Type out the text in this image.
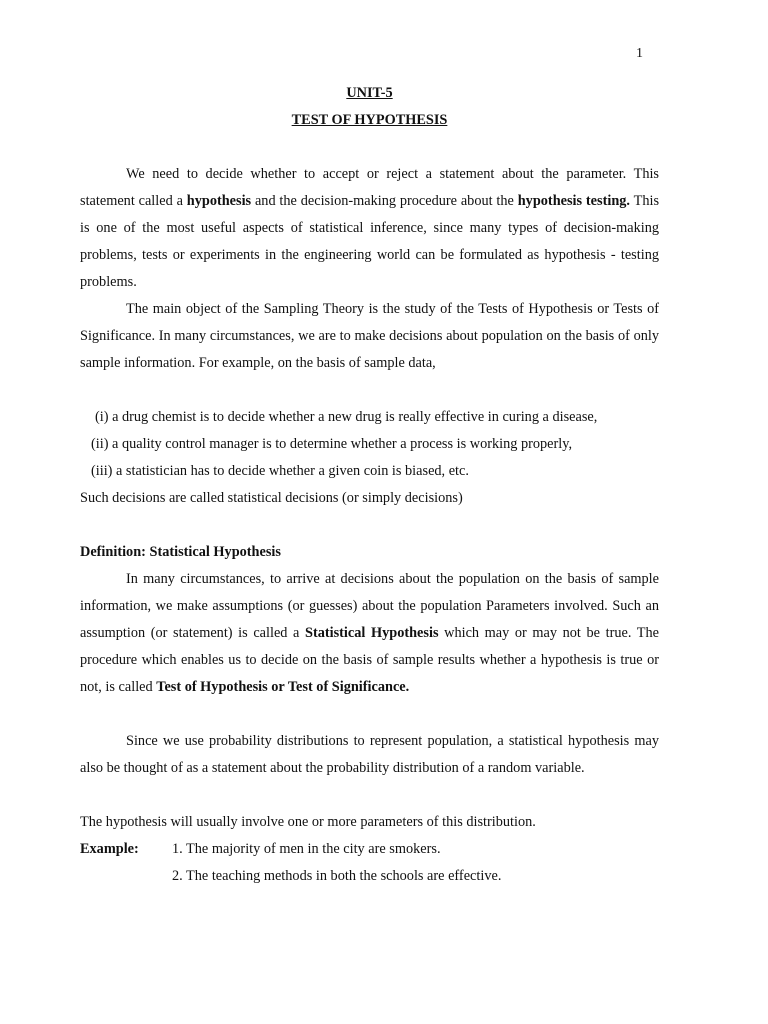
1
UNIT-5
TEST OF HYPOTHESIS

We need to decide whether to accept or reject a statement about the parameter. This statement called a hypothesis and the decision-making procedure about the hypothesis testing. This is one of the most useful aspects of statistical inference, since many types of decision-making problems, tests or experiments in the engineering world can be formulated as hypothesis - testing problems.

The main object of the Sampling Theory is the study of the Tests of Hypothesis or Tests of Significance. In many circumstances, we are to make decisions about population on the basis of only sample information. For example, on the basis of sample data,

(i) a drug chemist is to decide whether a new drug is really effective in curing a disease,
(ii) a quality control manager is to determine whether a process is working properly,
(iii) a statistician has to decide whether a given coin is biased, etc.
Such decisions are called statistical decisions (or simply decisions)
Definition: Statistical Hypothesis

In many circumstances, to arrive at decisions about the population on the basis of sample information, we make assumptions (or guesses) about the population Parameters involved. Such an assumption (or statement) is called a Statistical Hypothesis which may or may not be true. The procedure which enables us to decide on the basis of sample results whether a hypothesis is true or not, is called Test of Hypothesis or Test of Significance.

Since we use probability distributions to represent population, a statistical hypothesis may also be thought of as a statement about the probability distribution of a random variable.

The hypothesis will usually involve one or more parameters of this distribution.
Example:	1. The majority of men in the city are smokers.
2. The teaching methods in both the schools are effective.
